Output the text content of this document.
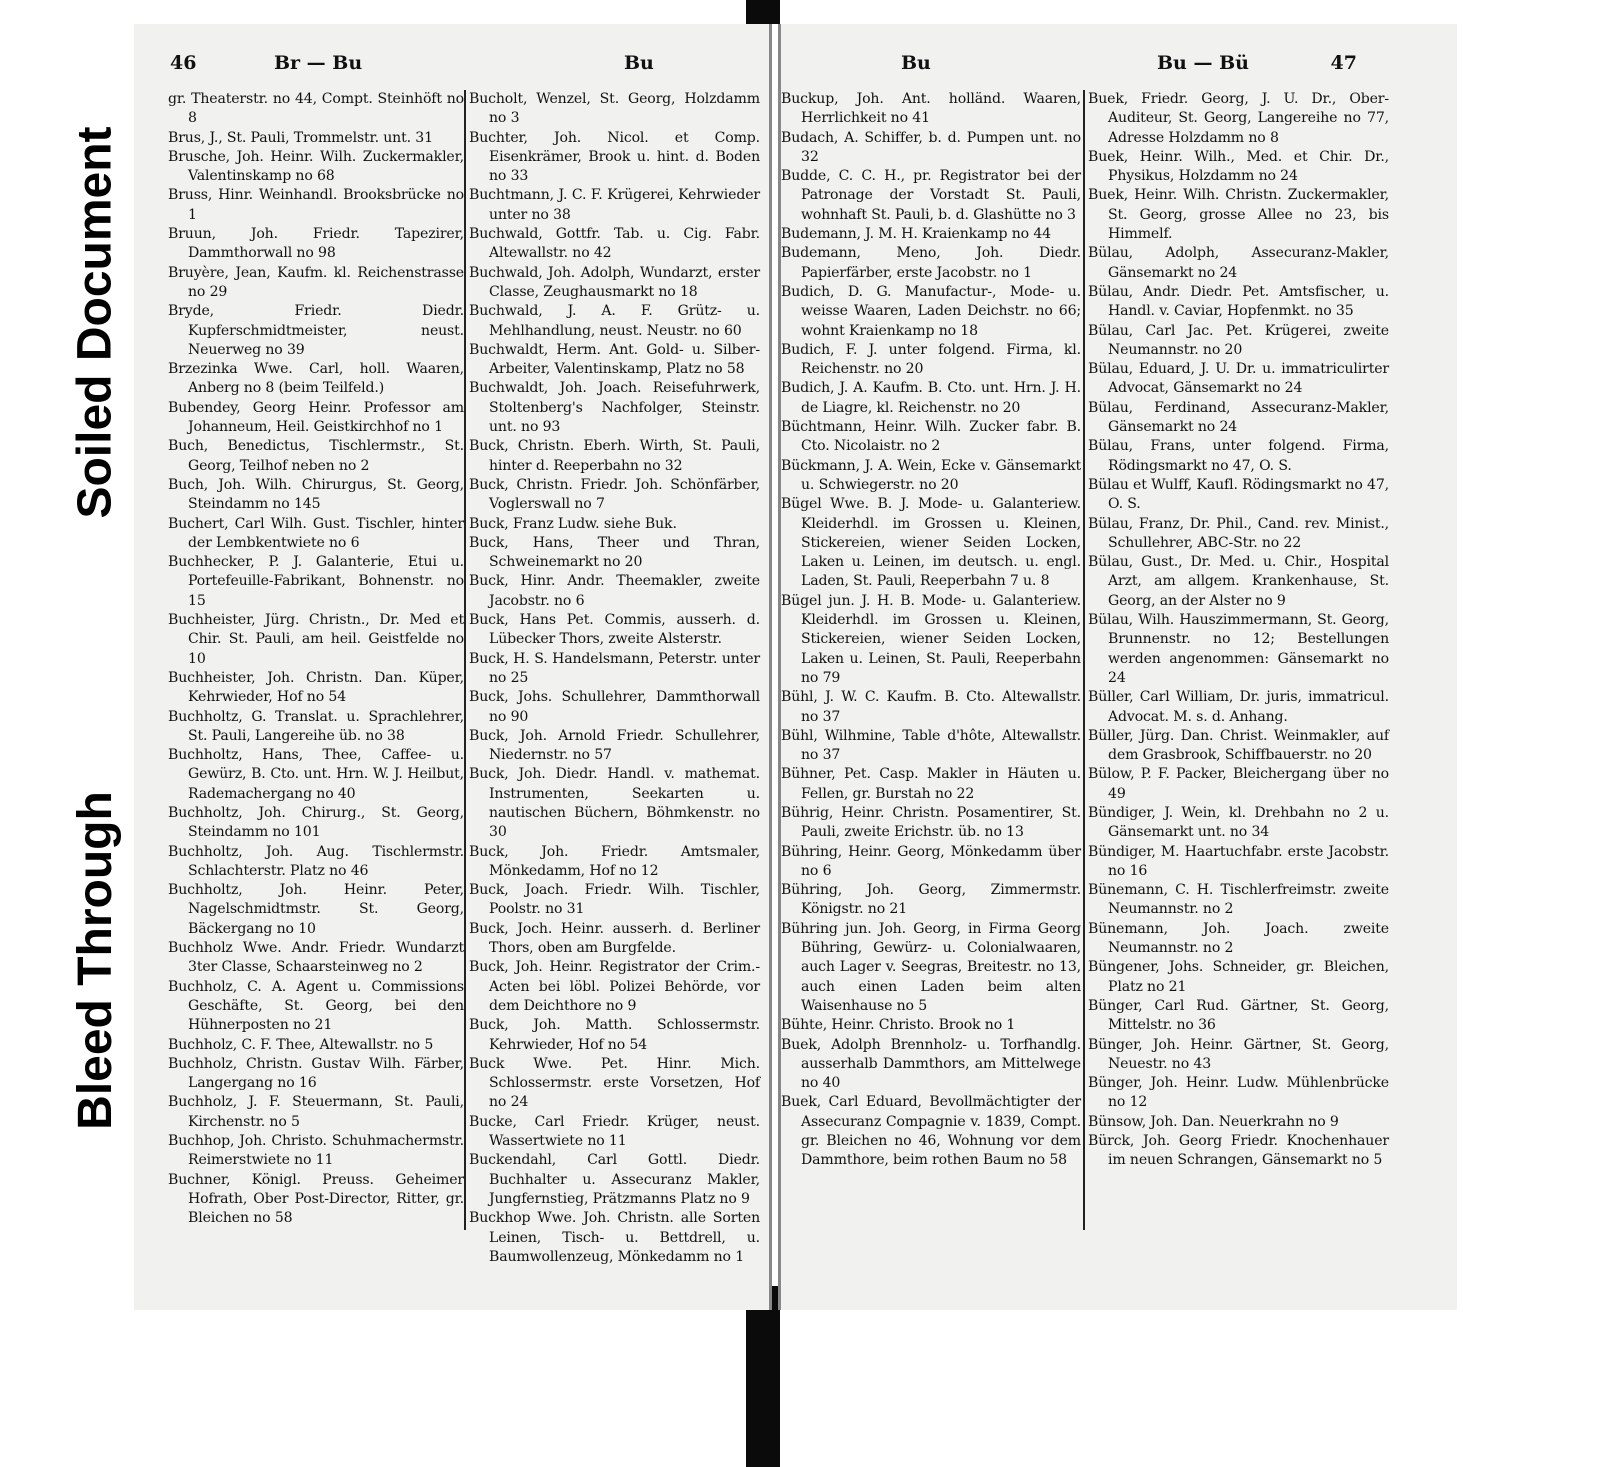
Soiled Document
Bleed Through
46	Br — Bu	Bu
gr. Theaterstr. no 44, Compt. Steinhöft no 8
Brus, J., St. Pauli, Trommelstr. unt. 31
Brusche, Joh. Heinr. Wilh. Zuckermakler, Valentinskamp no 68
Bruss, Hinr. Weinhandl. Brooksbrücke no 1
Bruun, Joh. Friedr. Tapezirer, Dammthorwall no 98
Bruyère, Jean, Kaufm. kl. Reichenstrasse no 29
Bryde, Friedr. Diedr. Kupferschmidtmeister, neust. Neuerweg no 39
Brzezinka Wwe. Carl, holl. Waaren, Anberg no 8 (beim Teilfeld.)
Bubendey, Georg Heinr. Professor am Johanneum, Heil. Geistkirchhof no 1
Buch, Benedictus, Tischlermstr., St. Georg, Teilhof neben no 2
Buch, Joh. Wilh. Chirurgus, St. Georg, Steindamm no 145
Buchert, Carl Wilh. Gust. Tischler, hinter der Lembkentwiete no 6
Buchhecker, P. J. Galanterie, Etui u. Portefeuille-Fabrikant, Bohnenstr. no 15
Buchheister, Jürg. Christn., Dr. Med et Chir. St. Pauli, am heil. Geistfelde no 10
Buchheister, Joh. Christn. Dan. Küper, Kehrwieder, Hof no 54
Buchholtz, G. Translat. u. Sprachlehrer, St. Pauli, Langereihe üb. no 38
Buchholtz, Hans, Thee, Caffee- u. Gewürz, B. Cto. unt. Hrn. W. J. Heilbut, Rademachergang no 40
Buchholtz, Joh. Chirurg., St. Georg, Steindamm no 101
Buchholtz, Joh. Aug. Tischlermstr. Schlachterstr. Platz no 46
Buchholtz, Joh. Heinr. Peter, Nagelschmidtmstr. St. Georg, Bäckergang no 10
Buchholz Wwe. Andr. Friedr. Wundarzt 3ter Classe, Schaarsteinweg no 2
Buchholz, C. A. Agent u. Commissions Geschäfte, St. Georg, bei den Hühnerposten no 21
Buchholz, C. F. Thee, Altewallstr. no 5
Buchholz, Christn. Gustav Wilh. Färber, Langergang no 16
Buchholz, J. F. Steuermann, St. Pauli, Kirchenstr. no 5
Buchhop, Joh. Christo. Schuhmachermstr. Reimerstwiete no 11
Buchner, Königl. Preuss. Geheimer Hofrath, Ober Post-Director, Ritter, gr. Bleichen no 58
Bucholt, Wenzel, St. Georg, Holzdamm no 3
Buchter, Joh. Nicol. et Comp. Eisenkrämer, Brook u. hint. d. Boden no 33
Buchtmann, J. C. F. Krügerei, Kehrwieder unter no 38
Buchwald, Gottfr. Tab. u. Cig. Fabr. Altewallstr. no 42
Buchwald, Joh. Adolph, Wundarzt, erster Classe, Zeughausmarkt no 18
Buchwald, J. A. F. Grütz- u. Mehlhandlung, neust. Neustr. no 60
Buchwaldt, Herm. Ant. Gold- u. Silber-Arbeiter, Valentinskamp, Platz no 58
Buchwaldt, Joh. Joach. Reisefuhrwerk, Stoltenberg's Nachfolger, Steinstr. unt. no 93
Buck, Christn. Eberh. Wirth, St. Pauli, hinter d. Reeperbahn no 32
Buck, Christn. Friedr. Joh. Schönfärber, Voglerswall no 7
Buck, Franz Ludw. siehe Buk.
Buck, Hans, Theer und Thran, Schweinemarkt no 20
Buck, Hinr. Andr. Theemakler, zweite Jacobstr. no 6
Buck, Hans Pet. Commis, ausserh. d. Lübecker Thors, zweite Alsterstr.
Buck, H. S. Handelsmann, Peterstr. unter no 25
Buck, Johs. Schullehrer, Dammthorwall no 90
Buck, Joh. Arnold Friedr. Schullehrer, Niedernstr. no 57
Buck, Joh. Diedr. Handl. v. mathemat. Instrumenten, Seekarten u. nautischen Büchern, Böhmkenstr. no 30
Buck, Joh. Friedr. Amtsmaler, Mönkedamm, Hof no 12
Buck, Joach. Friedr. Wilh. Tischler, Poolstr. no 31
Buck, Joch. Heinr. ausserh. d. Berliner Thors, oben am Burgfelde.
Buck, Joh. Heinr. Registrator der Crim.-Acten bei löbl. Polizei Behörde, vor dem Deichthore no 9
Buck, Joh. Matth. Schlossermstr. Kehrwieder, Hof no 54
Buck Wwe. Pet. Hinr. Mich. Schlossermstr. erste Vorsetzen, Hof no 24
Bucke, Carl Friedr. Krüger, neust. Wassertwiete no 11
Buckendahl, Carl Gottl. Diedr. Buchhalter u. Assecuranz Makler, Jungfernstieg, Prätzmanns Platz no 9
Buckhop Wwe. Joh. Christn. alle Sorten Leinen, Tisch- u. Bettdrell, u. Baumwollenzeug, Mönkedamm no 1
Bu	Bu — Bü	47
Buckup, Joh. Ant. holländ. Waaren, Herrlichkeit no 41
Budach, A. Schiffer, b. d. Pumpen unt. no 32
Budde, C. C. H., pr. Registrator bei der Patronage der Vorstadt St. Pauli, wohnhaft St. Pauli, b. d. Glashütte no 3
Budemann, J. M. H. Kraienkamp no 44
Budemann, Meno, Joh. Diedr. Papierfärber, erste Jacobstr. no 1
Budich, D. G. Manufactur-, Mode- u. weisse Waaren, Laden Deichstr. no 66; wohnt Kraienkamp no 18
Budich, F. J. unter folgend. Firma, kl. Reichenstr. no 20
Budich, J. A. Kaufm. B. Cto. unt. Hrn. J. H. de Liagre, kl. Reichenstr. no 20
Büchtmann, Heinr. Wilh. Zucker fabr. B. Cto. Nicolaistr. no 2
Bückmann, J. A. Wein, Ecke v. Gänsemarkt u. Schwiegerstr. no 20
Bügel Wwe. B. J. Mode- u. Galanteriew. Kleiderhdl. im Grossen u. Kleinen, Stickereien, wiener Seiden Locken, Laken u. Leinen, im deutsch. u. engl. Laden, St. Pauli, Reeperbahn 7 u. 8
Bügel jun. J. H. B. Mode- u. Galanteriew. Kleiderhdl. im Grossen u. Kleinen, Stickereien, wiener Seiden Locken, Laken u. Leinen, St. Pauli, Reeperbahn no 79
Bühl, J. W. C. Kaufm. B. Cto. Altewallstr. no 37
Bühl, Wilhmine, Table d'hôte, Altewallstr. no 37
Bühner, Pet. Casp. Makler in Häuten u. Fellen, gr. Burstah no 22
Bührig, Heinr. Christn. Posamentirer, St. Pauli, zweite Erichstr. üb. no 13
Bühring, Heinr. Georg, Mönkedamm über no 6
Bühring, Joh. Georg, Zimmermstr. Königstr. no 21
Bühring jun. Joh. Georg, in Firma Georg Bühring, Gewürz- u. Colonialwaaren, auch Lager v. Seegras, Breitestr. no 13, auch einen Laden beim alten Waisenhause no 5
Bühte, Heinr. Christo. Brook no 1
Buek, Adolph Brennholz- u. Torfhandlg. ausserhalb Dammthors, am Mittelwege no 40
Buek, Carl Eduard, Bevollmächtigter der Assecuranz Compagnie v. 1839, Compt. gr. Bleichen no 46, Wohnung vor dem Dammthore, beim rothen Baum no 58
Buek, Friedr. Georg, J. U. Dr., Ober-Auditeur, St. Georg, Langereihe no 77, Adresse Holzdamm no 8
Buek, Heinr. Wilh., Med. et Chir. Dr., Physikus, Holzdamm no 24
Buek, Heinr. Wilh. Christn. Zuckermakler, St. Georg, grosse Allee no 23, bis Himmelf.
Bülau, Adolph, Assecuranz-Makler, Gänsemarkt no 24
Bülau, Andr. Diedr. Pet. Amtsfischer, u. Handl. v. Caviar, Hopfenmkt. no 35
Bülau, Carl Jac. Pet. Krügerei, zweite Neumannstr. no 20
Bülau, Eduard, J. U. Dr. u. immatriculirter Advocat, Gänsemarkt no 24
Bülau, Ferdinand, Assecuranz-Makler, Gänsemarkt no 24
Bülau, Frans, unter folgend. Firma, Rödingsmarkt no 47, O. S.
Bülau et Wulff, Kaufl. Rödingsmarkt no 47, O. S.
Bülau, Franz, Dr. Phil., Cand. rev. Minist., Schullehrer, ABC-Str. no 22
Bülau, Gust., Dr. Med. u. Chir., Hospital Arzt, am allgem. Krankenhause, St. Georg, an der Alster no 9
Bülau, Wilh. Hauszimmermann, St. Georg, Brunnenstr. no 12; Bestellungen werden angenommen: Gänsemarkt no 24
Büller, Carl William, Dr. juris, immatricul. Advocat. M. s. d. Anhang.
Büller, Jürg. Dan. Christ. Weinmakler, auf dem Grasbrook, Schiffbauerstr. no 20
Bülow, P. F. Packer, Bleichergang über no 49
Bündiger, J. Wein, kl. Drehbahn no 2 u. Gänsemarkt unt. no 34
Bündiger, M. Haartuchfabr. erste Jacobstr. no 16
Bünemann, C. H. Tischlerfreimstr. zweite Neumannstr. no 2
Bünemann, Joh. Joach. zweite Neumannstr. no 2
Büngener, Johs. Schneider, gr. Bleichen, Platz no 21
Bünger, Carl Rud. Gärtner, St. Georg, Mittelstr. no 36
Bünger, Joh. Heinr. Gärtner, St. Georg, Neuestr. no 43
Bünger, Joh. Heinr. Ludw. Mühlenbrücke no 12
Bünsow, Joh. Dan. Neuerkrahn no 9
Bürck, Joh. Georg Friedr. Knochenhauer im neuen Schrangen, Gänsemarkt no 5
